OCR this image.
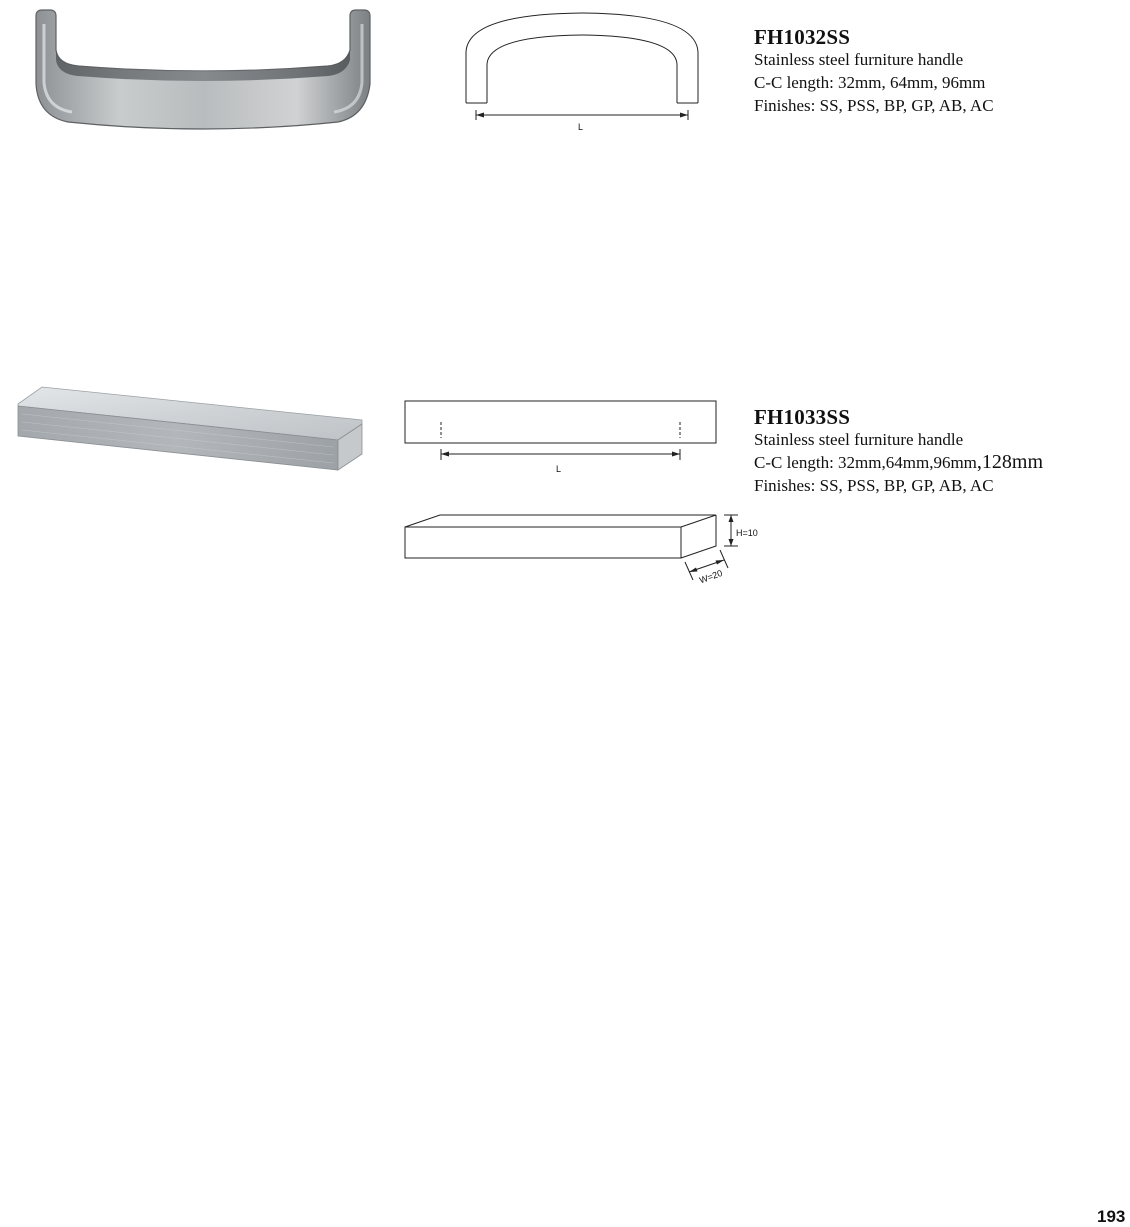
L

FH1032SS

Stainless steel furniture handle

C-C length: 32mm, 64mm, 96mm

Finishes: SS, PSS, BP, GP, AB, AC

L
H=10
W=20

FH1033SS

Stainless steel furniture handle

C-C length: 32mm,64mm,96mm,128mm

Finishes: SS, PSS, BP, GP, AB, AC

193
